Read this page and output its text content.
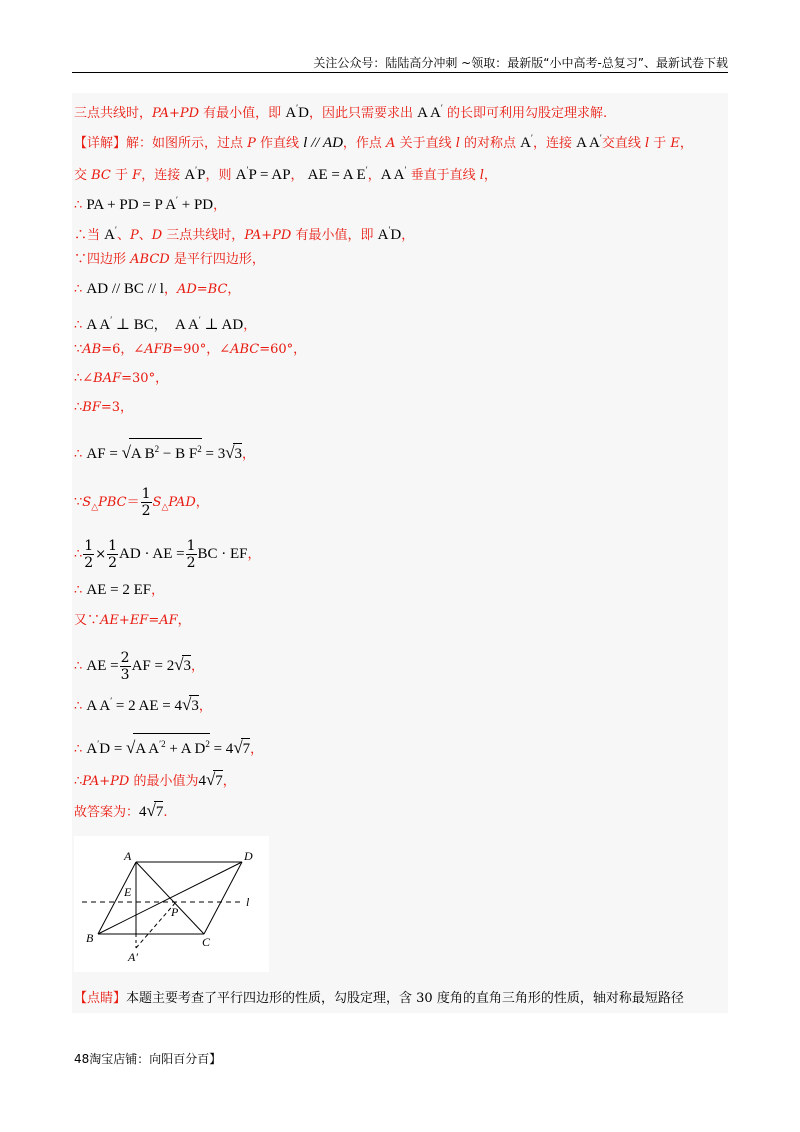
关注公众号：陆陆高分冲刺 ~领取：最新版“小中高考-总复习”、最新试卷下载
三点共线时，PA+PD 有最小值，即 A′D，因此只需要求出 A A′ 的长即可利用勾股定理求解.
【详解】解：如图所示，过点 P 作直线 l // AD，作点 A 关于直线 l 的对称点 A′，连接 A A′交直线 l 于 E，
交 BC 于 F，连接 A′P，则 A′P = AP， AE = A E′，A A′ 垂直于直线 l，
∴ PA + PD = P A′ + PD，
∴当 A′、P、D 三点共线时，PA+PD 有最小值，即 A′D，
∵四边形 ABCD 是平行四边形，
∴ AD // BC // l，AD=BC，
∴ A A′ ⊥ BC，  A A′ ⊥ AD，
∵AB=6，∠AFB=90°，∠ABC=60°，
∴∠BAF=30°，
∴BF=3，
∴ AF = √A $B^2 - B$ $F^2 = 3√3$，
$\because S_\triangle PBC= \frac{1}{2} S_\triangle PAD$，
∴ $\frac{1}{2} \times \frac{1}{2}$ AD · AE = $\frac{1}{2}$ BC · EF，
∴ AE = 2 EF，
又∵AE+EF=AF，
∴ AE = $\frac{2}{3}$ AF = 2√3，
∴ A A′ = 2 AE = 4√3，
∴ A′D = √A $A^{'2} + A$ $D^2 = 4√7$，
∴PA+PD 的最小值为4√7，
故答案为：4√7.
A	D
B	C
E
P
l
A′
【点睛】本题主要考查了平行四边形的性质，勾股定理，含 30 度角的直角三角形的性质，轴对称最短路径
48淘宝店铺：向阳百分百】
